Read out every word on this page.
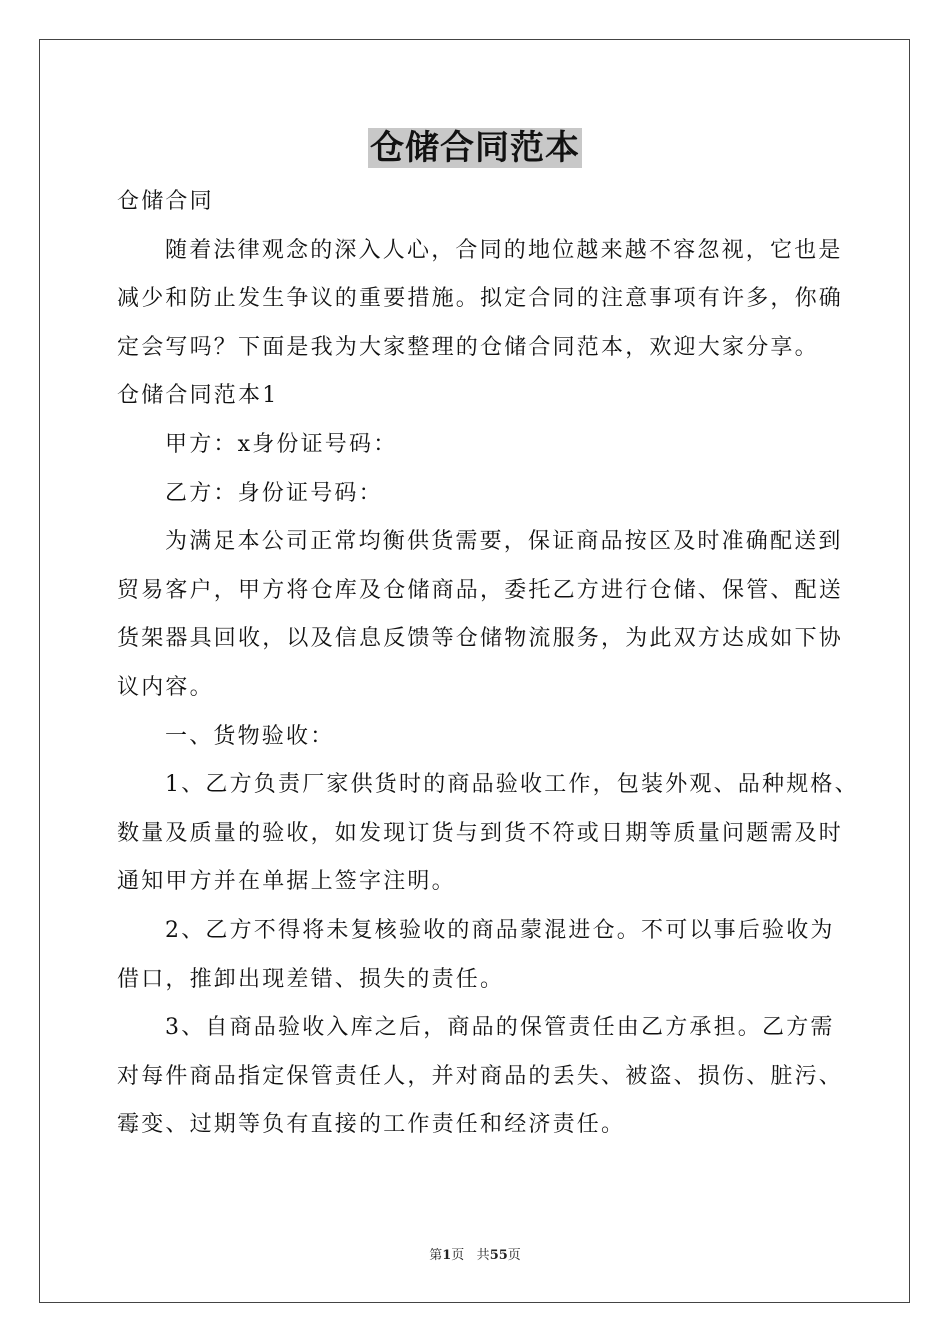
仓储合同范本
仓储合同
随着法律观念的深入人心，合同的地位越来越不容忽视，它也是
减少和防止发生争议的重要措施。拟定合同的注意事项有许多，你确
定会写吗？下面是我为大家整理的仓储合同范本，欢迎大家分享。
仓储合同范本1
甲方：x身份证号码：
乙方：身份证号码：
为满足本公司正常均衡供货需要，保证商品按区及时准确配送到
贸易客户，甲方将仓库及仓储商品，委托乙方进行仓储、保管、配送
货架器具回收，以及信息反馈等仓储物流服务，为此双方达成如下协
议内容。
一、货物验收：
1、乙方负责厂家供货时的商品验收工作，包装外观、品种规格、
数量及质量的验收，如发现订货与到货不符或日期等质量问题需及时
通知甲方并在单据上签字注明。
2、乙方不得将未复核验收的商品蒙混进仓。不可以事后验收为
借口，推卸出现差错、损失的责任。
3、自商品验收入库之后，商品的保管责任由乙方承担。乙方需
对每件商品指定保管责任人，并对商品的丢失、被盗、损伤、脏污、
霉变、过期等负有直接的工作责任和经济责任。
第1页 共55页
